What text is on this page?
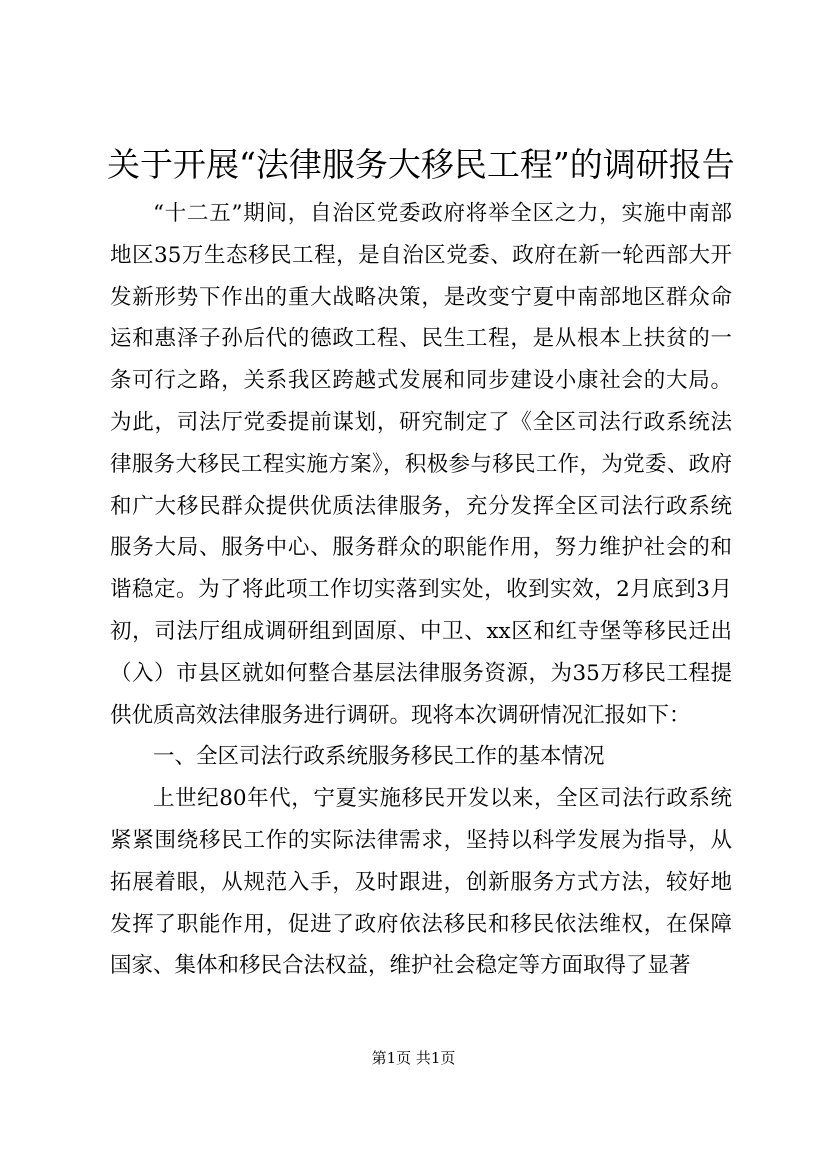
关于开展“法律服务大移民工程”的调研报告

“十二五”期间，自治区党委政府将举全区之力，实施中南部地区35万生态移民工程，是自治区党委、政府在新一轮西部大开发新形势下作出的重大战略决策，是改变宁夏中南部地区群众命运和惠泽子孙后代的德政工程、民生工程，是从根本上扶贫的一条可行之路，关系我区跨越式发展和同步建设小康社会的大局。为此，司法厅党委提前谋划，研究制定了《全区司法行政系统法律服务大移民工程实施方案》，积极参与移民工作，为党委、政府和广大移民群众提供优质法律服务，充分发挥全区司法行政系统服务大局、服务中心、服务群众的职能作用，努力维护社会的和谐稳定。为了将此项工作切实落到实处，收到实效，2月底到3月初，司法厅组成调研组到固原、中卫、xx区和红寺堡等移民迁出（入）市县区就如何整合基层法律服务资源，为35万移民工程提供优质高效法律服务进行调研。现将本次调研情况汇报如下：

一、全区司法行政系统服务移民工作的基本情况

上世纪80年代，宁夏实施移民开发以来，全区司法行政系统紧紧围绕移民工作的实际法律需求，坚持以科学发展为指导，从拓展着眼，从规范入手，及时跟进，创新服务方式方法，较好地发挥了职能作用，促进了政府依法移民和移民依法维权，在保障国家、集体和移民合法权益，维护社会稳定等方面取得了显著

第1页 共1页
